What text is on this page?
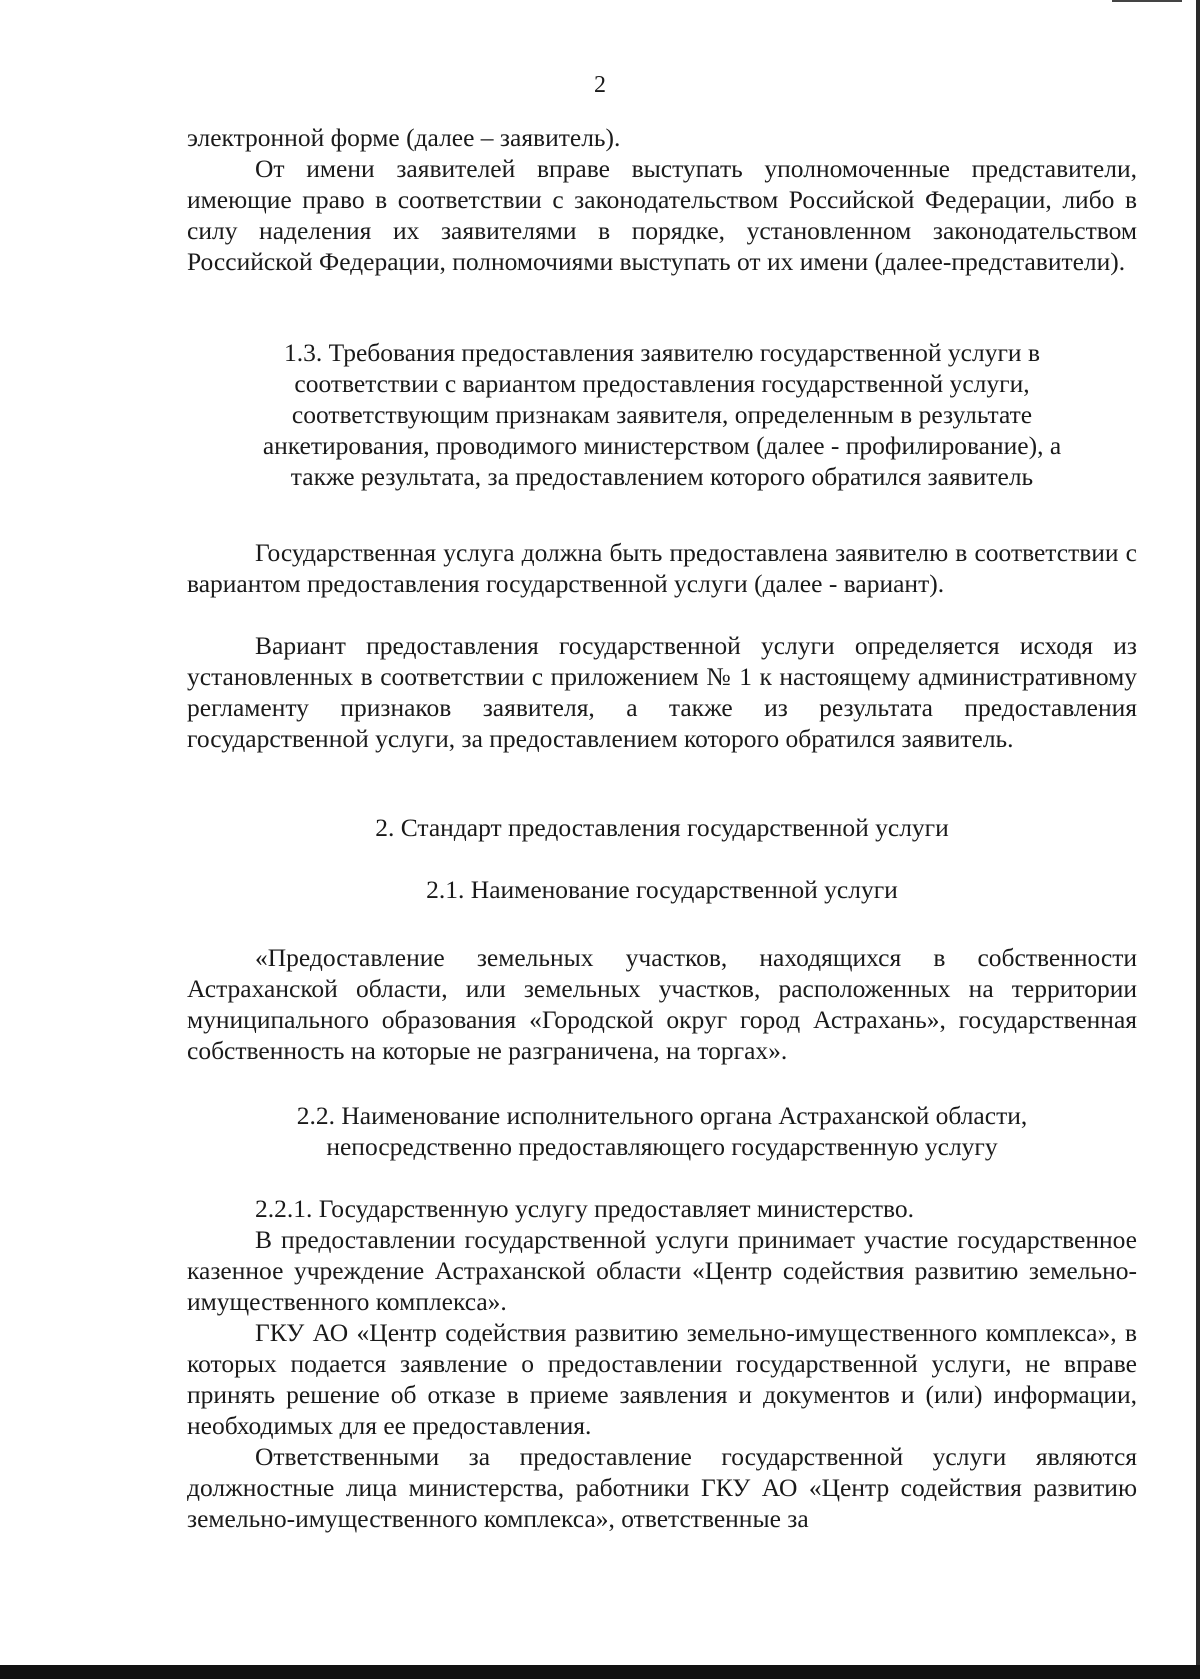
2

электронной форме (далее – заявитель).

От имени заявителей вправе выступать уполномоченные представители, имеющие право в соответствии с законодательством Российской Федерации, либо в силу наделения их заявителями в порядке, установленном законодательством Российской Федерации, полномочиями выступать от их имени (далее-представители).

1.3. Требования предоставления заявителю государственной услуги в
соответствии с вариантом предоставления государственной услуги,
соответствующим признакам заявителя, определенным в результате
анкетирования, проводимого министерством (далее - профилирование), а
также результата, за предоставлением которого обратился заявитель

Государственная услуга должна быть предоставлена заявителю в соответствии с вариантом предоставления государственной услуги (далее - вариант).

Вариант предоставления государственной услуги определяется исходя из установленных в соответствии с приложением № 1 к настоящему административному регламенту признаков заявителя, а также из результата предоставления государственной услуги, за предоставлением которого обратился заявитель.

2. Стандарт предоставления государственной услуги
2.1. Наименование государственной услуги

«Предоставление земельных участков, находящихся в собственности Астраханской области, или земельных участков, расположенных на территории муниципального образования «Городской округ город Астрахань», государственная собственность на которые не разграничена, на торгах».

2.2. Наименование исполнительного органа Астраханской области,
непосредственно предоставляющего государственную услугу

2.2.1. Государственную услугу предоставляет министерство.

В предоставлении государственной услуги принимает участие государственное казенное учреждение Астраханской области «Центр содействия развитию земельно-имущественного комплекса».

ГКУ АО «Центр содействия развитию земельно-имущественного комплекса», в которых подается заявление о предоставлении государственной услуги, не вправе принять решение об отказе в приеме заявления и документов и (или) информации, необходимых для ее предоставления.

Ответственными за предоставление государственной услуги являются должностные лица министерства, работники ГКУ АО «Центр содействия развитию земельно-имущественного комплекса», ответственные за
